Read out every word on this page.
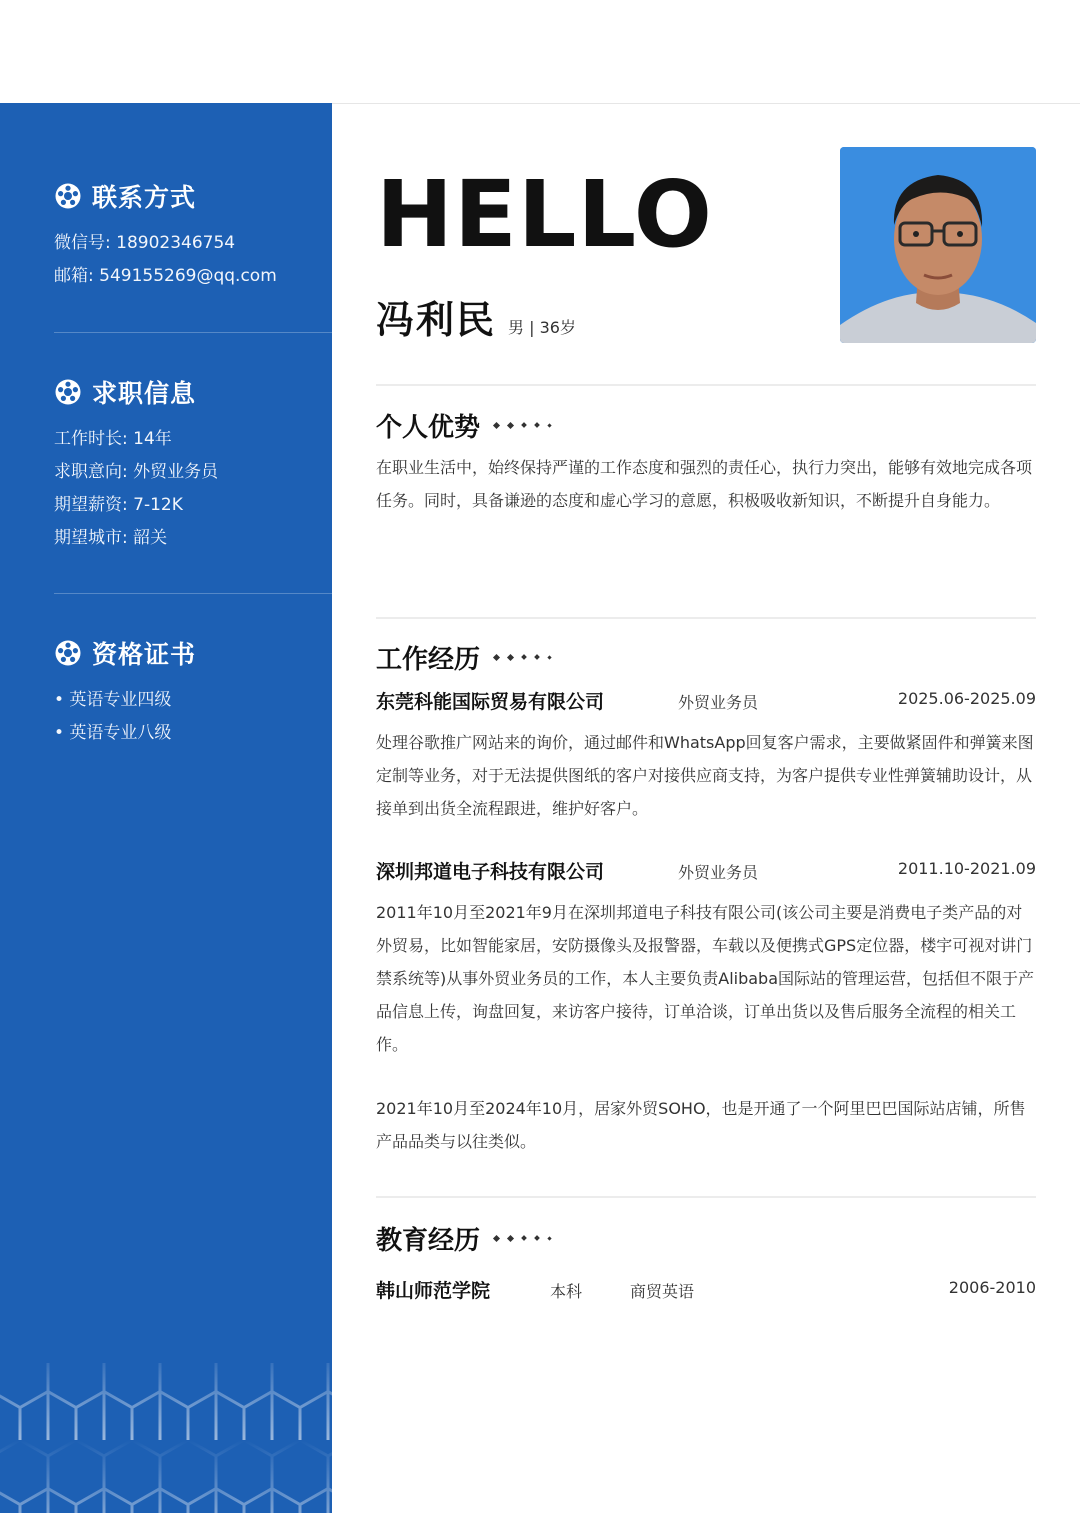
联系方式
微信号: 18902346754
邮箱: 549155269@qq.com
求职信息
工作时长: 14年
求职意向: 外贸业务员
期望薪资: 7-12K
期望城市: 韶关
资格证书
• 英语专业四级
• 英语专业八级
HELLO
冯利民 男 | 36岁
个人优势
在职业生活中，始终保持严谨的工作态度和强烈的责任心，执行力突出，能够有效地完成各项任务。同时，具备谦逊的态度和虚心学习的意愿，积极吸收新知识，不断提升自身能力。
工作经历
东莞科能国际贸易有限公司	外贸业务员	2025.06-2025.09
处理谷歌推广网站来的询价，通过邮件和WhatsApp回复客户需求，主要做紧固件和弹簧来图定制等业务，对于无法提供图纸的客户对接供应商支持，为客户提供专业性弹簧辅助设计，从接单到出货全流程跟进，维护好客户。
深圳邦道电子科技有限公司	外贸业务员	2011.10-2021.09
2011年10月至2021年9月在深圳邦道电子科技有限公司(该公司主要是消费电子类产品的对外贸易，比如智能家居，安防摄像头及报警器，车载以及便携式GPS定位器，楼宇可视对讲门禁系统等)从事外贸业务员的工作，本人主要负责Alibaba国际站的管理运营，包括但不限于产品信息上传，询盘回复，来访客户接待，订单洽谈，订单出货以及售后服务全流程的相关工作。
2021年10月至2024年10月，居家外贸SOHO，也是开通了一个阿里巴巴国际站店铺，所售产品品类与以往类似。
教育经历
韩山师范学院	本科	商贸英语	2006-2010
